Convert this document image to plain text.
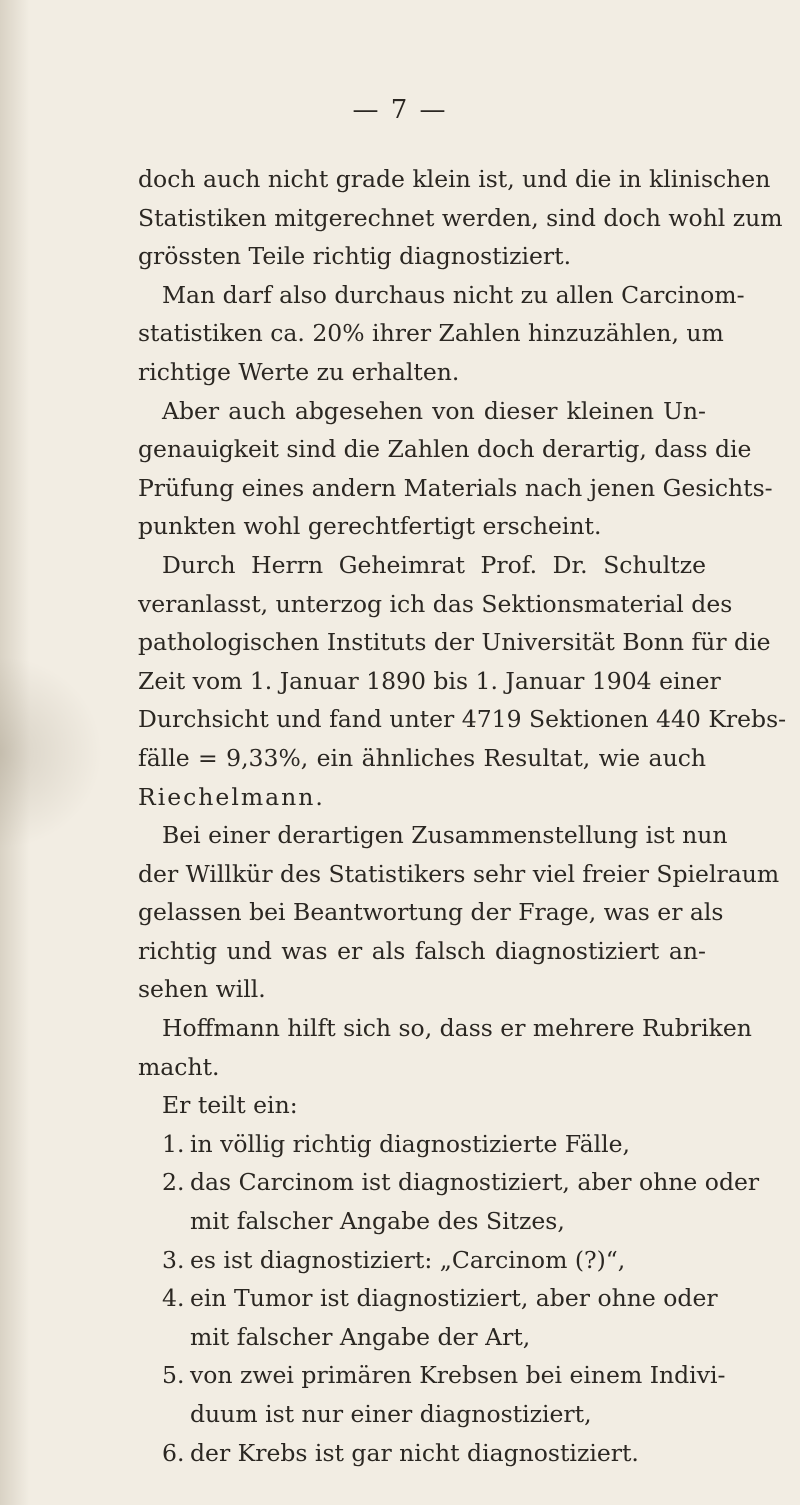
— 7 —
doch auch nicht grade klein ist, und die in klinischen
Statistiken mitgerechnet werden, sind doch wohl zum
grössten Teile richtig diagnostiziert.
Man darf also durchaus nicht zu allen Carcinom-
statistiken ca. 20% ihrer Zahlen hinzuzählen, um
richtige Werte zu erhalten.
Aber auch abgesehen von dieser kleinen Un-
genauigkeit sind die Zahlen doch derartig, dass die
Prüfung eines andern Materials nach jenen Gesichts-
punkten wohl gerechtfertigt erscheint.
Durch Herrn Geheimrat Prof. Dr. Schultze
veranlasst, unterzog ich das Sektionsmaterial des
pathologischen Instituts der Universität Bonn für die
Zeit vom 1. Januar 1890 bis 1. Januar 1904 einer
Durchsicht und fand unter 4719 Sektionen 440 Krebs-
fälle = 9,33%, ein ähnliches Resultat, wie auch
Riechelmann.
Bei einer derartigen Zusammenstellung ist nun
der Willkür des Statistikers sehr viel freier Spielraum
gelassen bei Beantwortung der Frage, was er als
richtig und was er als falsch diagnostiziert an-
sehen will.
Hoffmann hilft sich so, dass er mehrere Rubriken
macht.
Er teilt ein:
1. in völlig richtig diagnostizierte Fälle,
2. das Carcinom ist diagnostiziert, aber ohne oder
mit falscher Angabe des Sitzes,
3. es ist diagnostiziert: „Carcinom (?)“,
4. ein Tumor ist diagnostiziert, aber ohne oder
mit falscher Angabe der Art,
5. von zwei primären Krebsen bei einem Indivi-
duum ist nur einer diagnostiziert,
6. der Krebs ist gar nicht diagnostiziert.
